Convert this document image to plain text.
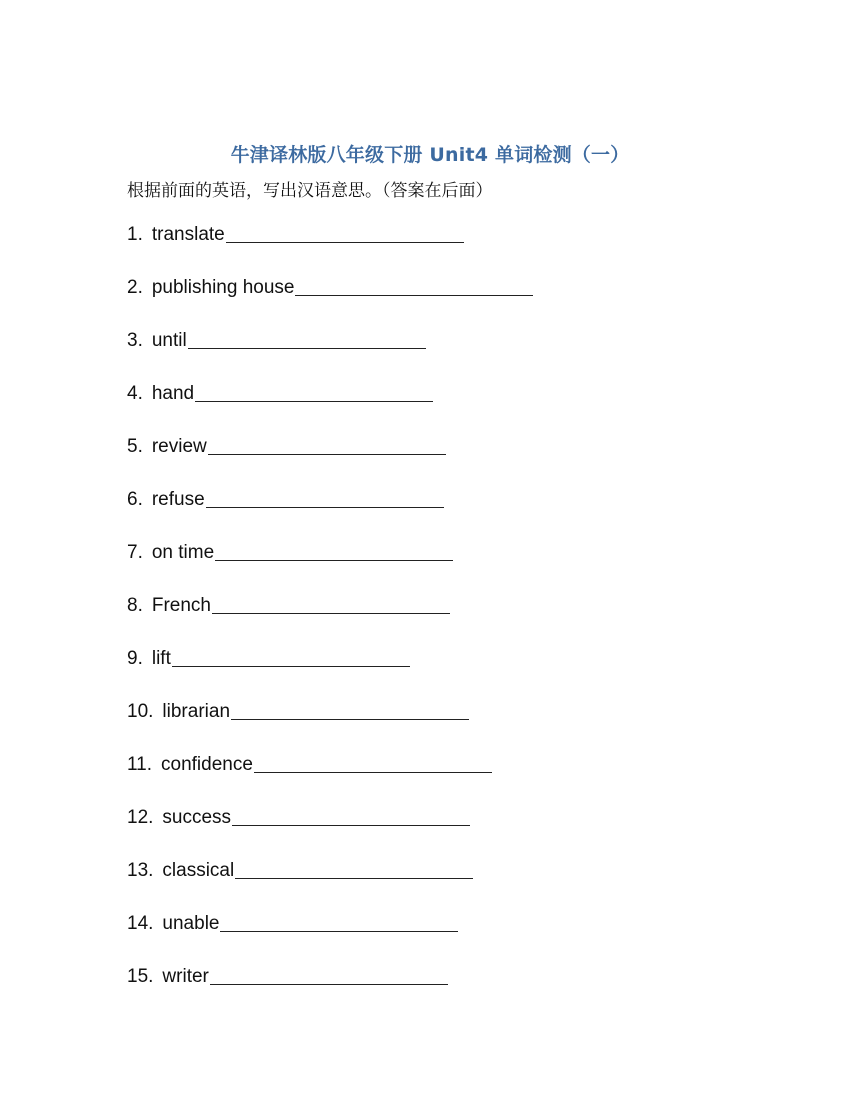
牛津译林版八年级下册 Unit4 单词检测（一）
根据前面的英语，写出汉语意思。（答案在后面）
1. translate
2. publishing house
3. until
4. hand
5. review
6. refuse
7. on time
8. French
9. lift
10. librarian
11. confidence
12. success
13. classical
14. unable
15. writer
